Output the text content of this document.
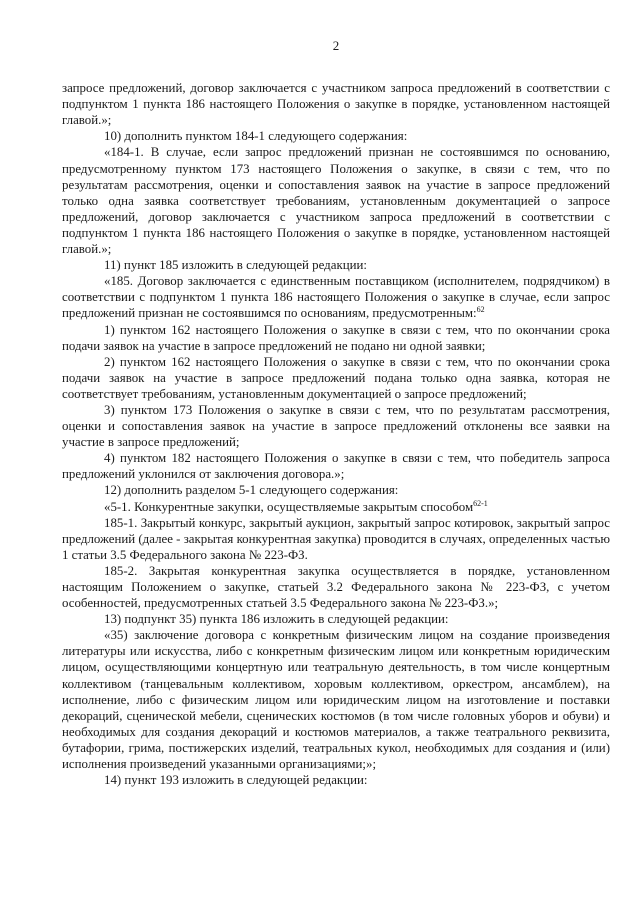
2

запросе предложений, договор заключается с участником запроса предложений в соответствии с подпунктом 1 пункта 186 настоящего Положения о закупке в порядке, установленном настоящей главой.»;

10) дополнить пунктом 184-1 следующего содержания:

«184-1. В случае, если запрос предложений признан не состоявшимся по основанию, предусмотренному пунктом 173 настоящего Положения о закупке, в связи с тем, что по результатам рассмотрения, оценки и сопоставления заявок на участие в запросе предложений только одна заявка соответствует требованиям, установленным документацией о запросе предложений, договор заключается с участником запроса предложений в соответствии с подпунктом 1 пункта 186 настоящего Положения о закупке в порядке, установленном настоящей главой.»;

11) пункт 185 изложить в следующей редакции:

«185. Договор заключается с единственным поставщиком (исполнителем, подрядчиком) в соответствии с подпунктом 1 пункта 186 настоящего Положения о закупке в случае, если запрос предложений признан не состоявшимся по основаниям, предусмотренным:$^{62}$

1) пунктом 162 настоящего Положения о закупке в связи с тем, что по окончании срока подачи заявок на участие в запросе предложений не подано ни одной заявки;

2) пунктом 162 настоящего Положения о закупке в связи с тем, что по окончании срока подачи заявок на участие в запросе предложений подана только одна заявка, которая не соответствует требованиям, установленным документацией о запросе предложений;

3) пунктом 173 Положения о закупке в связи с тем, что по результатам рассмотрения, оценки и сопоставления заявок на участие в запросе предложений отклонены все заявки на участие в запросе предложений;

4) пунктом 182 настоящего Положения о закупке в связи с тем, что победитель запроса предложений уклонился от заключения договора.»;

12) дополнить разделом 5-1 следующего содержания:

«5-1. Конкурентные закупки, осуществляемые закрытым способом$^{62-1}$

185-1. Закрытый конкурс, закрытый аукцион, закрытый запрос котировок, закрытый запрос предложений (далее - закрытая конкурентная закупка) проводится в случаях, определенных частью 1 статьи 3.5 Федерального закона № 223-ФЗ.

185-2. Закрытая конкурентная закупка осуществляется в порядке, установленном настоящим Положением о закупке, статьей 3.2 Федерального закона № 223-ФЗ, с учетом особенностей, предусмотренных статьей 3.5 Федерального закона № 223-ФЗ.»;

13) подпункт 35) пункта 186 изложить в следующей редакции:

«35) заключение договора с конкретным физическим лицом на создание произведения литературы или искусства, либо с конкретным физическим лицом или конкретным юридическим лицом, осуществляющими концертную или театральную деятельность, в том числе концертным коллективом (танцевальным коллективом, хоровым коллективом, оркестром, ансамблем), на исполнение, либо с физическим лицом или юридическим лицом на изготовление и поставки декораций, сценической мебели, сценических костюмов (в том числе головных уборов и обуви) и необходимых для создания декораций и костюмов материалов, а также театрального реквизита, бутафории, грима, постижерских изделий, театральных кукол, необходимых для создания и (или) исполнения произведений указанными организациями;»;

14) пункт 193 изложить в следующей редакции:
